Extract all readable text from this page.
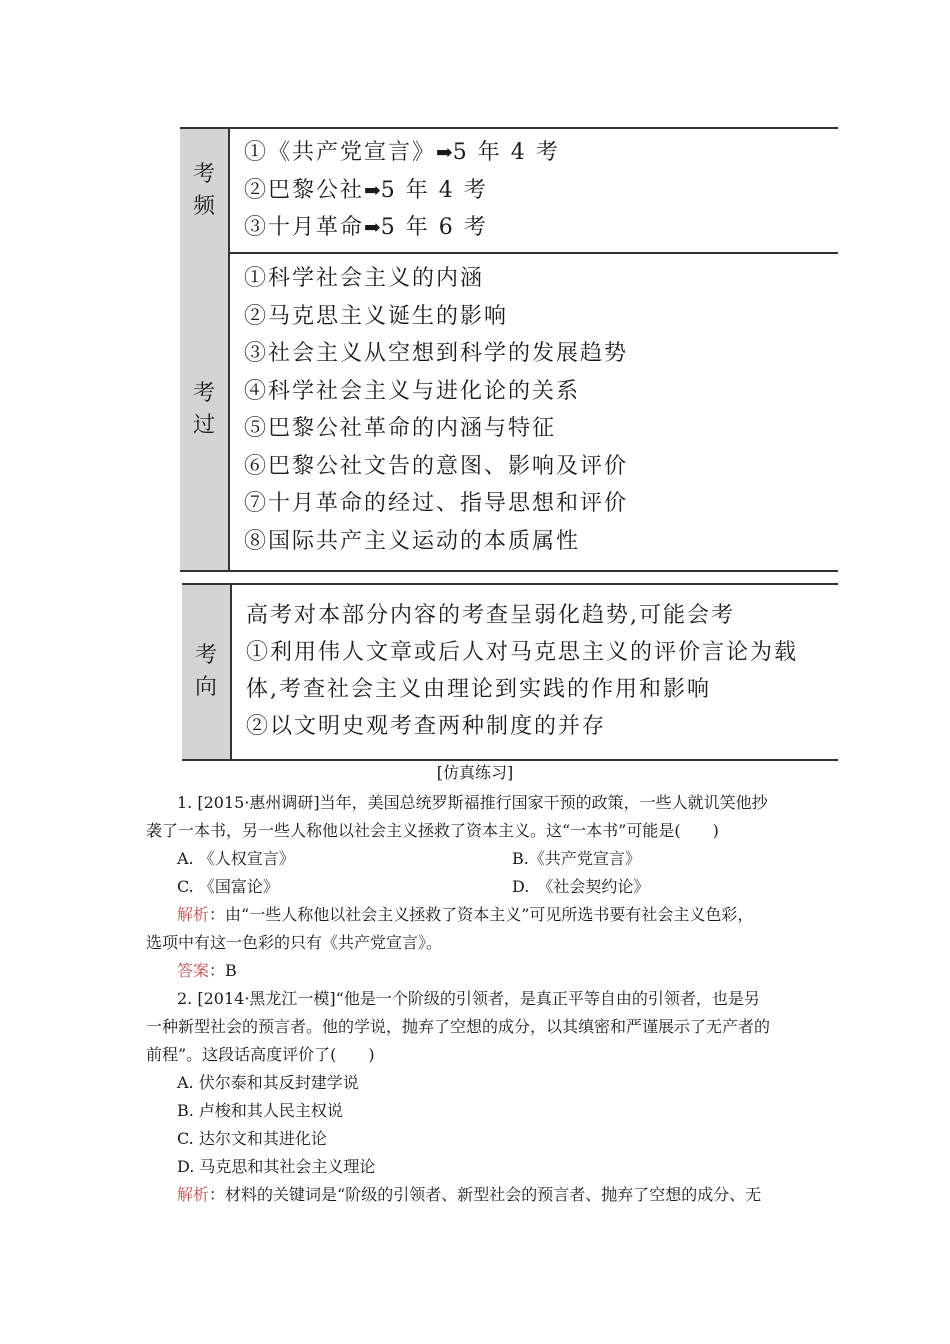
考
频
①《共产党宣言》➡5 年 4 考
②巴黎公社➡5 年 4 考
③十月革命➡5 年 6 考
考
过
①科学社会主义的内涵
②马克思主义诞生的影响
③社会主义从空想到科学的发展趋势
④科学社会主义与进化论的关系
⑤巴黎公社革命的内涵与特征
⑥巴黎公社文告的意图、影响及评价
⑦十月革命的经过、指导思想和评价
⑧国际共产主义运动的本质属性
考
向
高考对本部分内容的考查呈弱化趋势,可能会考
①利用伟人文章或后人对马克思主义的评价言论为载
体,考查社会主义由理论到实践的作用和影响
②以文明史观考查两种制度的并存
[仿真练习]

1. [2015·惠州调研]当年，美国总统罗斯福推行国家干预的政策，一些人就讥笑他抄

袭了一本书，另一些人称他以社会主义拯救了资本主义。这“一本书”可能是(　　)

A. 《人权宣言》	B.《共产党宣言》
C. 《国富论》	D.　《社会契约论》

解析：由“一些人称他以社会主义拯救了资本主义”可见所选书要有社会主义色彩，

选项中有这一色彩的只有《共产党宣言》。

答案：B

2. [2014·黑龙江一模]“他是一个阶级的引领者，是真正平等自由的引领者，也是另

一种新型社会的预言者。他的学说，抛弃了空想的成分，以其缜密和严谨展示了无产者的

前程”。这段话高度评价了(　　)

A. 伏尔泰和其反封建学说
B. 卢梭和其人民主权说
C. 达尔文和其进化论
D. 马克思和其社会主义理论

解析：材料的关键词是“阶级的引领者、新型社会的预言者、抛弃了空想的成分、无
